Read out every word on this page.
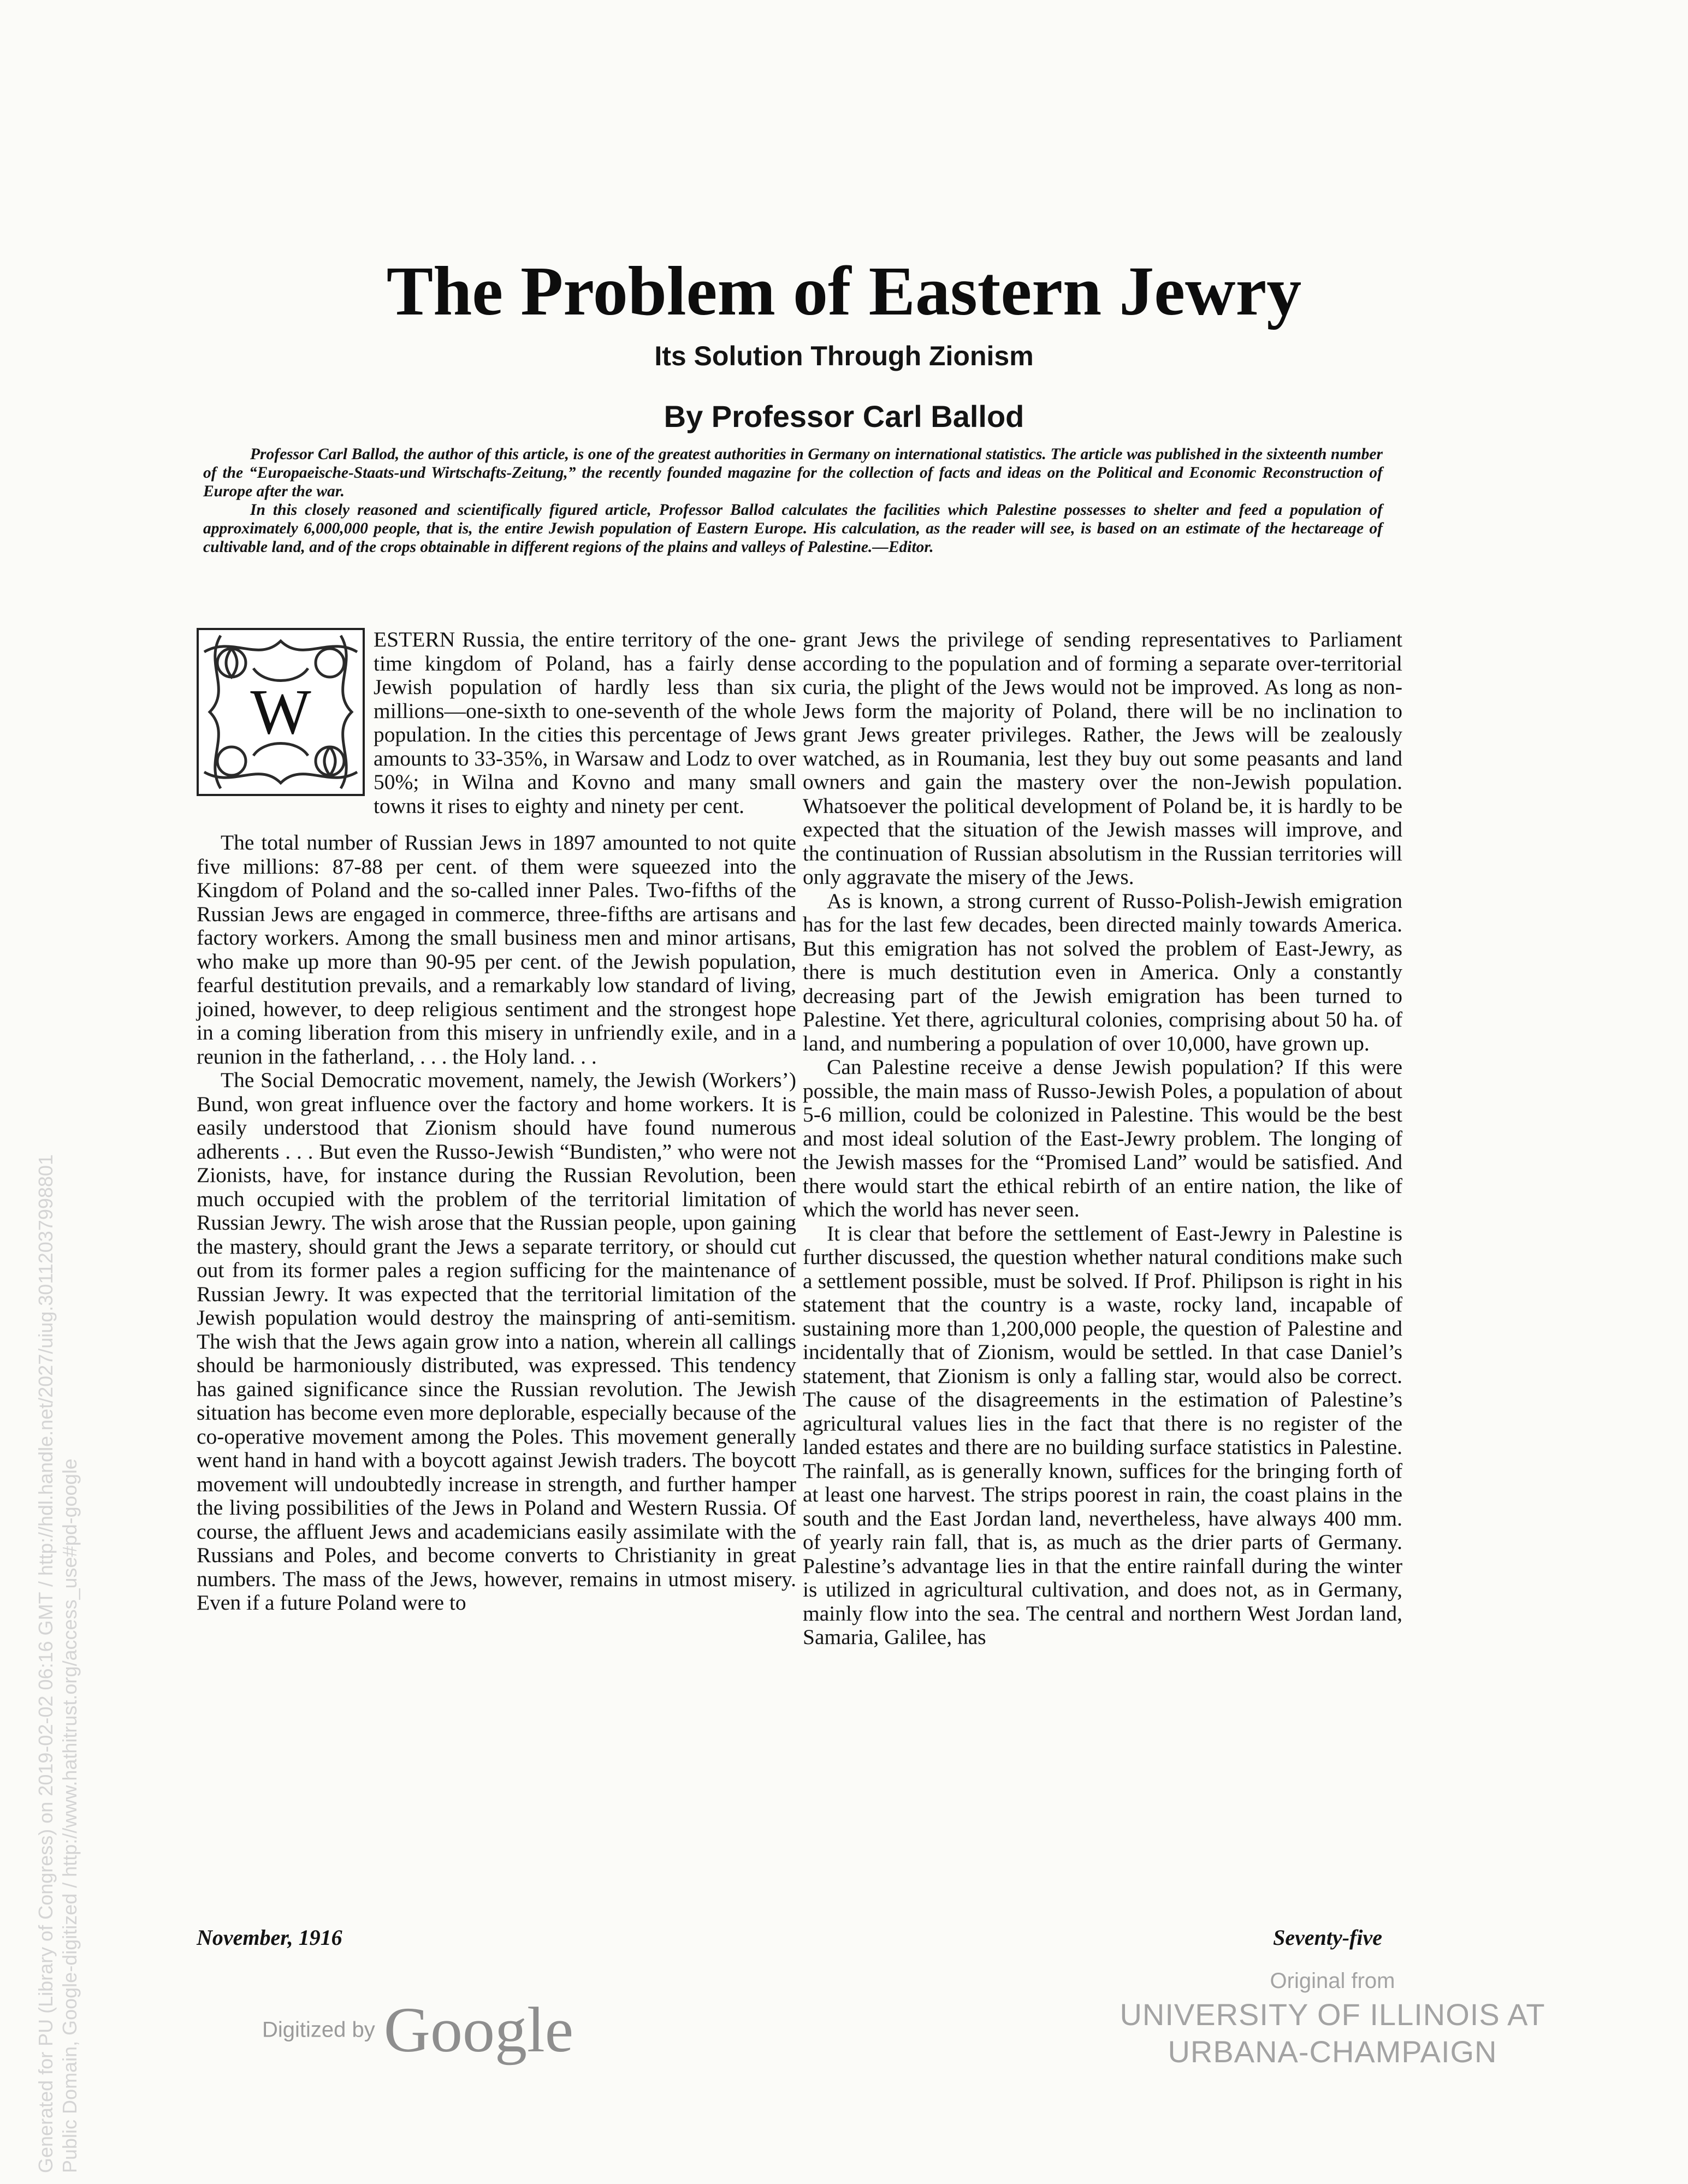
The Problem of Eastern Jewry
Its Solution Through Zionism
By Professor Carl Ballod

Professor Carl Ballod, the author of this article, is one of the greatest authorities in Germany on international statistics. The article was published in the sixteenth number of the “Europaeische-Staats-und Wirtschafts-Zeitung,” the recently founded magazine for the collection of facts and ideas on the Political and Economic Reconstruction of Europe after the war.

In this closely reasoned and scientifically figured article, Professor Ballod calculates the facilities which Palestine possesses to shelter and feed a population of approximately 6,000,000 people, that is, the entire Jewish population of Eastern Europe. His calculation, as the reader will see, is based on an estimate of the hectareage of cultivable land, and of the crops obtainable in different regions of the plains and valleys of Palestine.—Editor.

W

ESTERN Russia, the entire territory of the one-time kingdom of Poland, has a fairly dense Jewish population of hardly less than six millions—one-sixth to one-seventh of the whole population. In the cities this percentage of Jews amounts to 33-35%, in Warsaw and Lodz to over 50%; in Wilna and Kovno and many small towns it rises to eighty and ninety per cent.

The total number of Russian Jews in 1897 amounted to not quite five millions: 87-88 per cent. of them were squeezed into the Kingdom of Poland and the so-called inner Pales. Two-fifths of the Russian Jews are engaged in commerce, three-fifths are artisans and factory workers. Among the small business men and minor artisans, who make up more than 90-95 per cent. of the Jewish population, fearful destitution prevails, and a remarkably low standard of living, joined, however, to deep religious sentiment and the strongest hope in a coming liberation from this misery in unfriendly exile, and in a reunion in the fatherland, . . . the Holy land. . .

The Social Democratic movement, namely, the Jewish (Workers’) Bund, won great influence over the factory and home workers. It is easily understood that Zionism should have found numerous adherents . . . But even the Russo-Jewish “Bundisten,” who were not Zionists, have, for instance during the Russian Revolution, been much occupied with the problem of the territorial limitation of Russian Jewry. The wish arose that the Russian people, upon gaining the mastery, should grant the Jews a separate territory, or should cut out from its former pales a region sufficing for the maintenance of Russian Jewry. It was expected that the territorial limitation of the Jewish population would destroy the mainspring of anti-semitism. The wish that the Jews again grow into a nation, wherein all callings should be harmoniously distributed, was expressed. This tendency has gained significance since the Russian revolution. The Jewish situation has become even more deplorable, especially because of the co-operative movement among the Poles. This movement generally went hand in hand with a boycott against Jewish traders. The boycott movement will undoubtedly increase in strength, and further hamper the living possibilities of the Jews in Poland and Western Russia. Of course, the affluent Jews and academicians easily assimilate with the Russians and Poles, and become converts to Christianity in great numbers. The mass of the Jews, however, remains in utmost misery. Even if a future Poland were to

grant Jews the privilege of sending representatives to Parliament according to the population and of forming a separate over-territorial curia, the plight of the Jews would not be improved. As long as non-Jews form the majority of Poland, there will be no inclination to grant Jews greater privileges. Rather, the Jews will be zealously watched, as in Roumania, lest they buy out some peasants and land owners and gain the mastery over the non-Jewish population. Whatsoever the political development of Poland be, it is hardly to be expected that the situation of the Jewish masses will improve, and the continuation of Russian absolutism in the Russian territories will only aggravate the misery of the Jews.

As is known, a strong current of Russo-Polish-Jewish emigration has for the last few decades, been directed mainly towards America. But this emigration has not solved the problem of East-Jewry, as there is much destitution even in America. Only a constantly decreasing part of the Jewish emigration has been turned to Palestine. Yet there, agricultural colonies, comprising about 50 ha. of land, and numbering a population of over 10,000, have grown up.

Can Palestine receive a dense Jewish population? If this were possible, the main mass of Russo-Jewish Poles, a population of about 5-6 million, could be colonized in Palestine. This would be the best and most ideal solution of the East-Jewry problem. The longing of the Jewish masses for the “Promised Land” would be satisfied. And there would start the ethical rebirth of an entire nation, the like of which the world has never seen.

It is clear that before the settlement of East-Jewry in Palestine is further discussed, the question whether natural conditions make such a settlement possible, must be solved. If Prof. Philipson is right in his statement that the country is a waste, rocky land, incapable of sustaining more than 1,200,000 people, the question of Palestine and incidentally that of Zionism, would be settled. In that case Daniel’s statement, that Zionism is only a falling star, would also be correct. The cause of the disagreements in the estimation of Palestine’s agricultural values lies in the fact that there is no register of the landed estates and there are no building surface statistics in Palestine. The rainfall, as is generally known, suffices for the bringing forth of at least one harvest. The strips poorest in rain, the coast plains in the south and the East Jordan land, nevertheless, have always 400 mm. of yearly rain fall, that is, as much as the drier parts of Germany. Palestine’s advantage lies in that the entire rainfall during the winter is utilized in agricultural cultivation, and does not, as in Germany, mainly flow into the sea. The central and northern West Jordan land, Samaria, Galilee, has

November, 1916	Seventy-five
Digitized by Google
Original from
UNIVERSITY OF ILLINOIS AT
URBANA-CHAMPAIGN
Generated for PU (Library of Congress) on 2019-02-02 06:16 GMT / http://hdl.handle.net/2027/uiug.30112037998801 Public Domain, Google-digitized / http://www.hathitrust.org/access_use#pd-google
